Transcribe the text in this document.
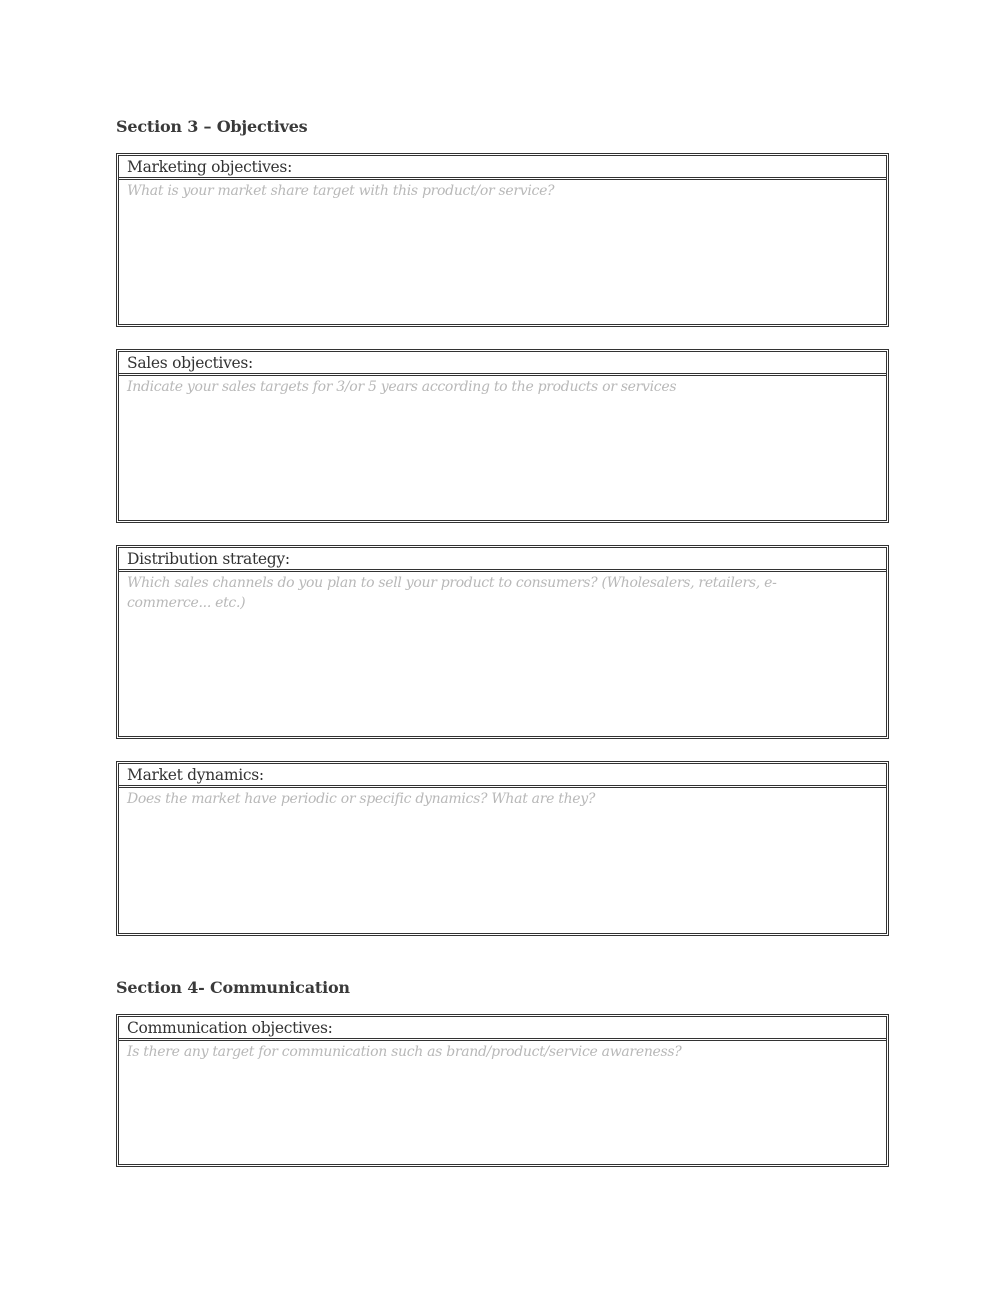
Section 3 – Objectives
Marketing objectives:
What is your market share target with this product/or service?
Sales objectives:
Indicate your sales targets for 3/or 5 years according to the products or services
Distribution strategy:
Which sales channels do you plan to sell your product to consumers? (Wholesalers, retailers, e-commerce... etc.)
Market dynamics:
Does the market have periodic or specific dynamics? What are they?
Section 4- Communication
Communication objectives:
Is there any target for communication such as brand/product/service awareness?
